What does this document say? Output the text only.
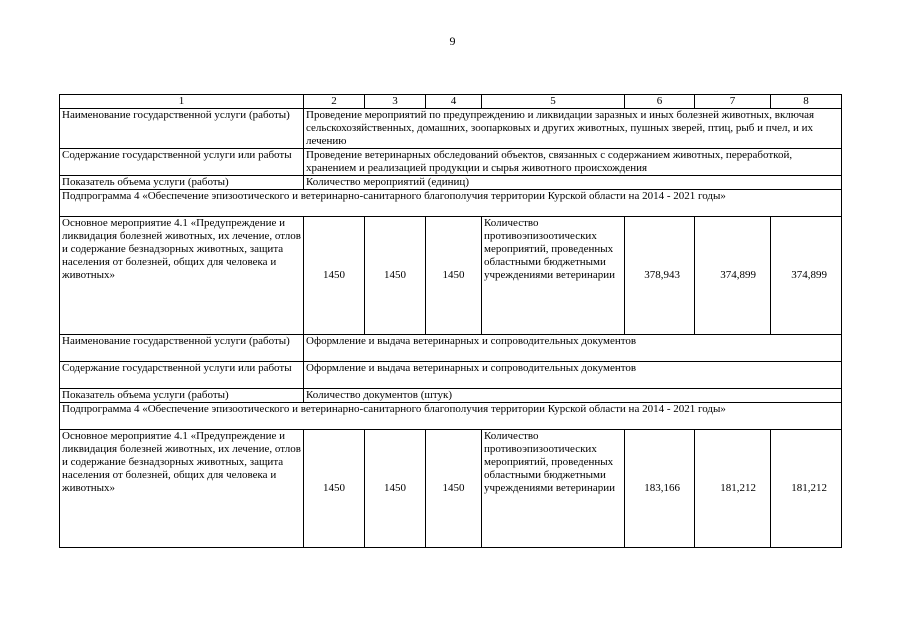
9
1	2	3	4	5	6	7	8
Наименование государственной услуги (работы)	Проведение мероприятий по предупреждению и ликвидации заразных и иных болезней животных, включая сельскохозяйственных, домашних, зоопарковых и других животных, пушных зверей, птиц, рыб и пчел, и их лечению						
Содержание государственной услуги или работы	Проведение ветеринарных обследований объектов, связанных с содержанием животных, переработкой, хранением и реализацией продукции и сырья животного происхождения						
Показатель объема услуги (работы)	Количество мероприятий (единиц)						
Подпрограмма 4 «Обеспечение эпизоотического и ветеринарно-санитарного благополучия территории Курской области на 2014 - 2021 годы»							
Основное мероприятие 4.1 «Предупреждение и ликвидация болезней животных, их лечение, отлов и содержание безнадзорных животных, защита населения от болезней, общих для человека и животных»	1450	1450	1450	Количество противоэпизоотических мероприятий, проведенных областными бюджетными учреждениями ветеринарии	378,943	374,899	374,899
Наименование государственной услуги (работы)	Оформление и выдача ветеринарных и сопроводительных документов						
Содержание государственной услуги или работы	Оформление и выдача ветеринарных и сопроводительных документов						
Показатель объема услуги (работы)	Количество документов (штук)						
Подпрограмма 4 «Обеспечение эпизоотического и ветеринарно-санитарного благополучия территории Курской области на 2014 - 2021 годы»							
Основное мероприятие 4.1 «Предупреждение и ликвидация болезней животных, их лечение, отлов и содержание безнадзорных животных, защита населения от болезней, общих для человека и животных»	1450	1450	1450	Количество противоэпизоотических мероприятий, проведенных областными бюджетными учреждениями ветеринарии	183,166	181,212	181,212
